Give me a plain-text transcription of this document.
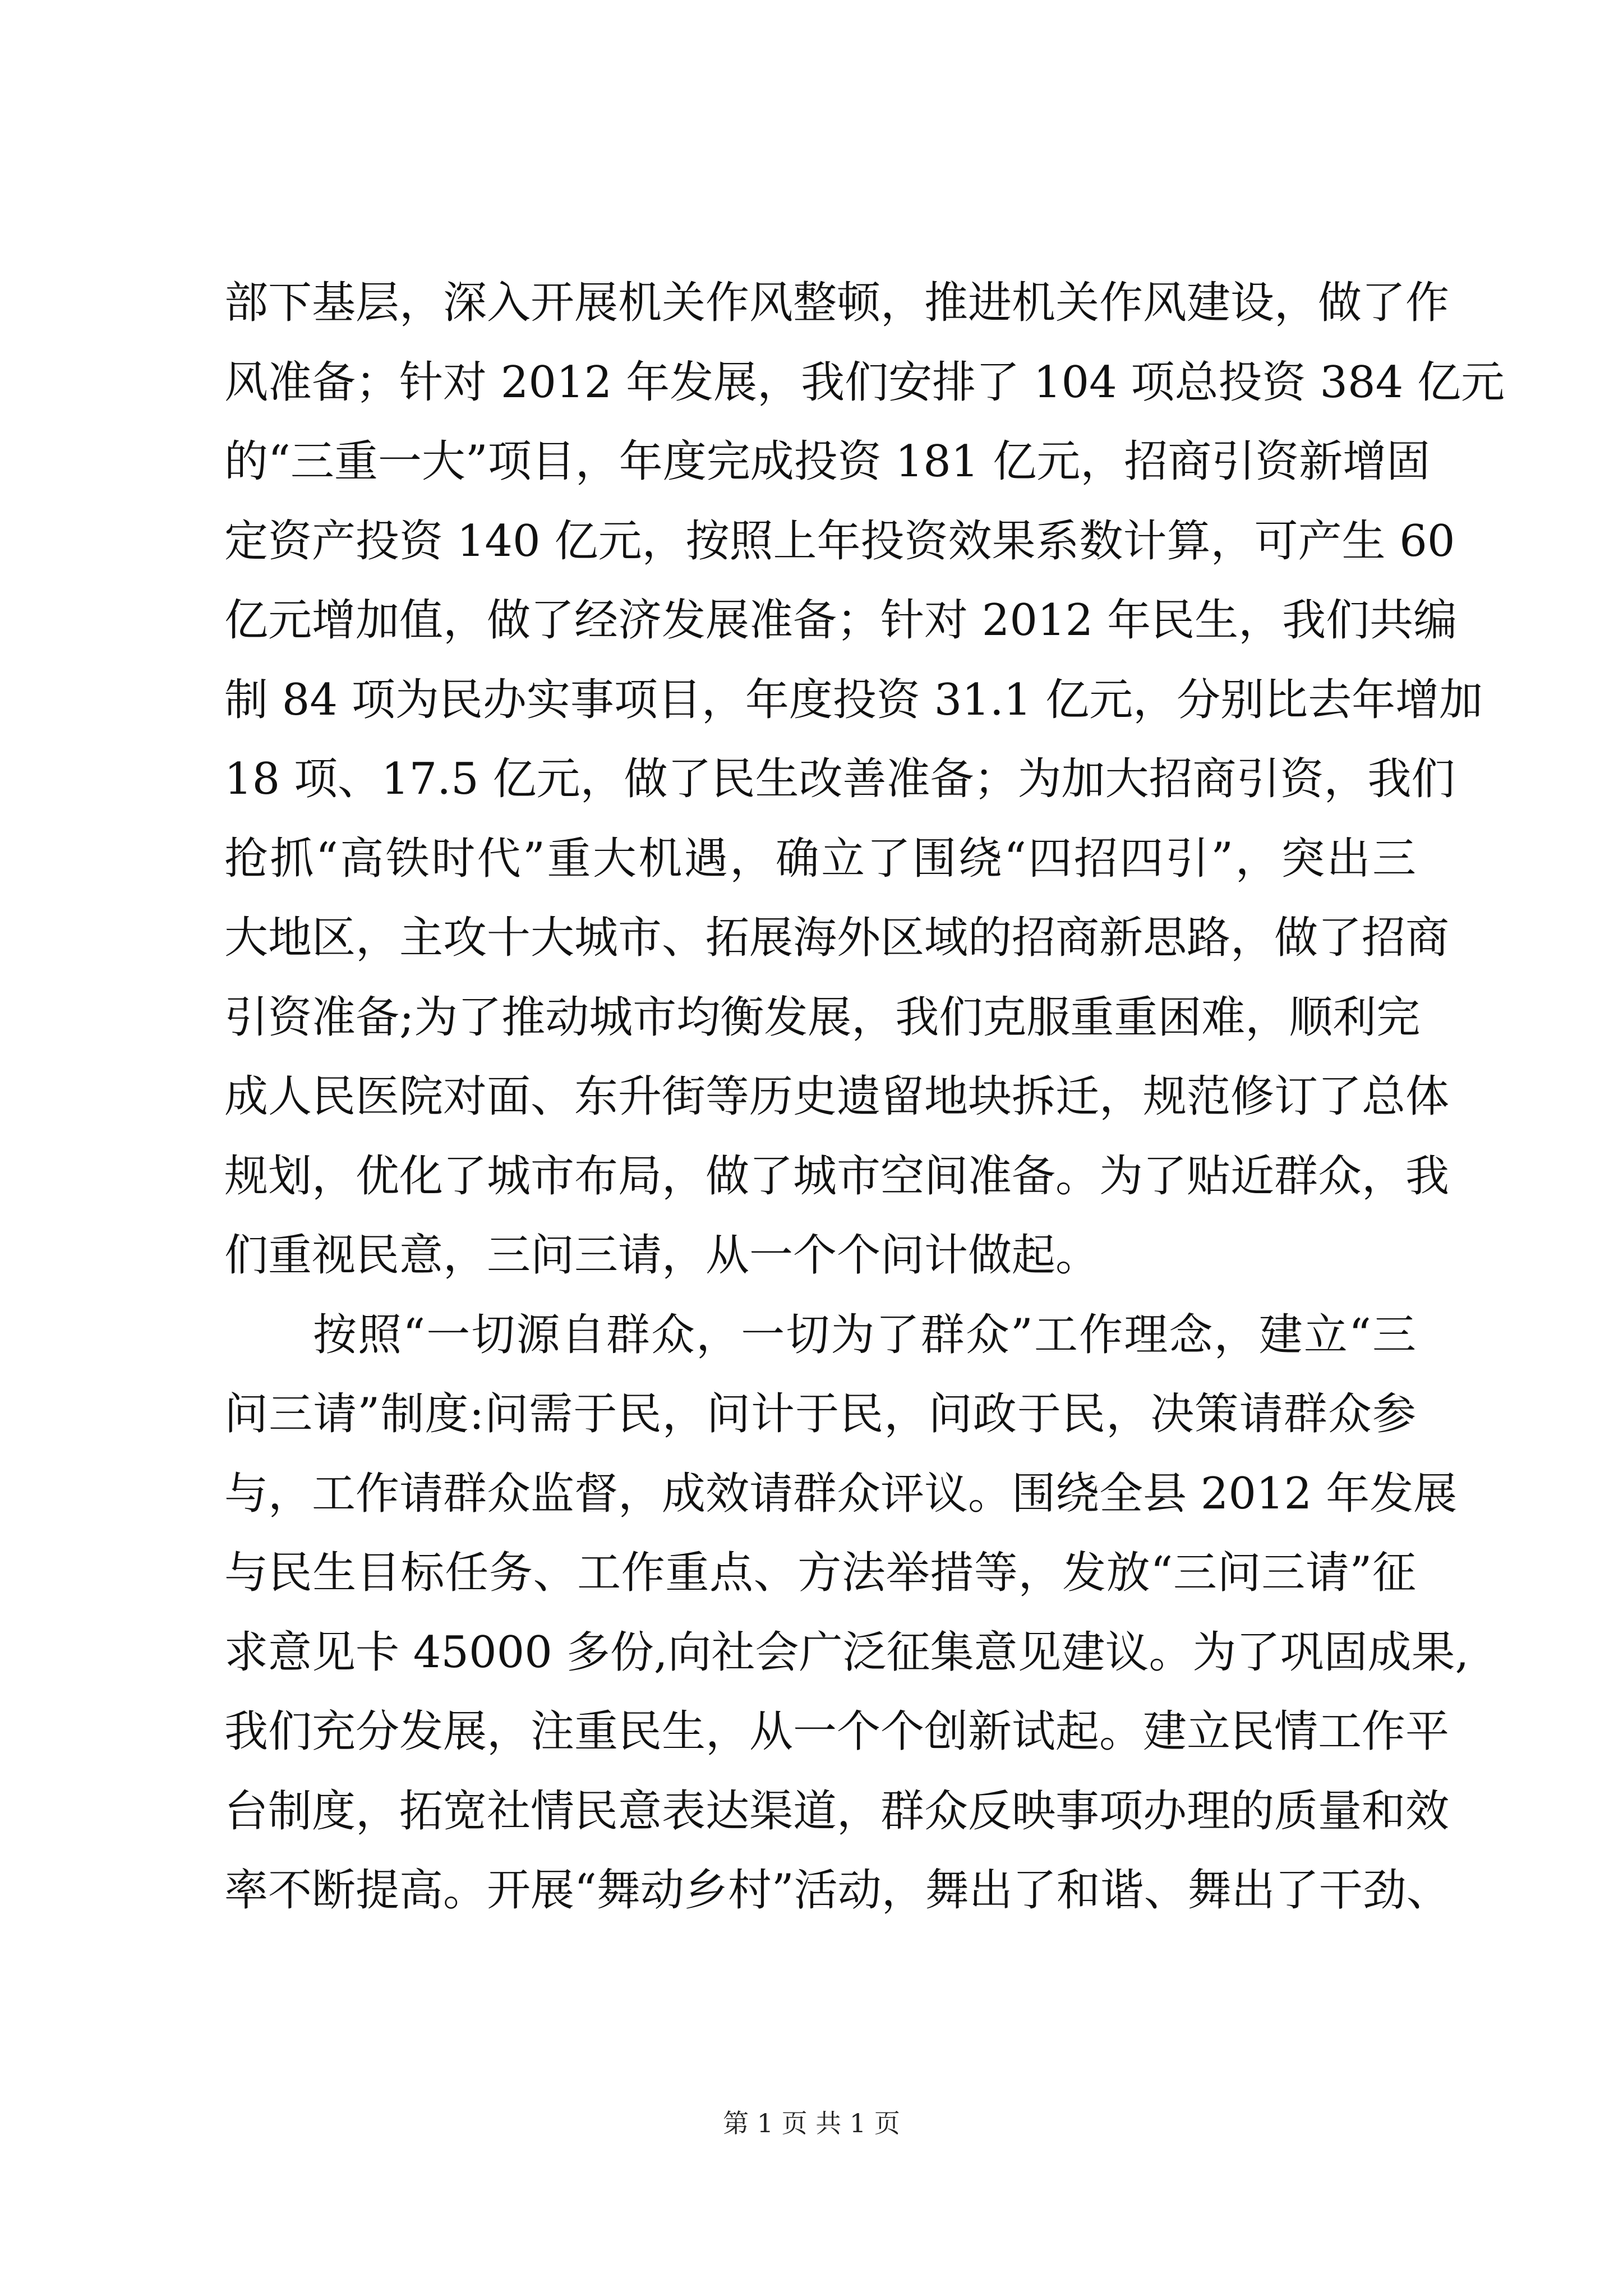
部下基层，深入开展机关作风整顿，推进机关作风建设，做了作
风准备；针对 2012 年发展，我们安排了 104 项总投资 384 亿元
的“三重一大”项目，年度完成投资 181 亿元，招商引资新增固
定资产投资 140 亿元，按照上年投资效果系数计算，可产生 60
亿元增加值，做了经济发展准备；针对 2012 年民生，我们共编
制 84 项为民办实事项目，年度投资 31.1 亿元，分别比去年增加
18 项、17.5 亿元，做了民生改善准备；为加大招商引资，我们
抢抓“高铁时代”重大机遇，确立了围绕“四招四引”，突出三
大地区，主攻十大城市、拓展海外区域的招商新思路，做了招商
引资准备;为了推动城市均衡发展，我们克服重重困难，顺利完
成人民医院对面、东升街等历史遗留地块拆迁，规范修订了总体
规划，优化了城市布局，做了城市空间准备。为了贴近群众，我
们重视民意，三问三请，从一个个问计做起。
按照“一切源自群众，一切为了群众”工作理念，建立“三
问三请”制度:问需于民，问计于民，问政于民，决策请群众参
与，工作请群众监督，成效请群众评议。围绕全县 2012 年发展
与民生目标任务、工作重点、方法举措等，发放“三问三请”征
求意见卡 45000 多份,向社会广泛征集意见建议。为了巩固成果,
我们充分发展，注重民生，从一个个创新试起。建立民情工作平
台制度，拓宽社情民意表达渠道，群众反映事项办理的质量和效
率不断提高。开展“舞动乡村”活动，舞出了和谐、舞出了干劲、
第 1 页 共 1 页
